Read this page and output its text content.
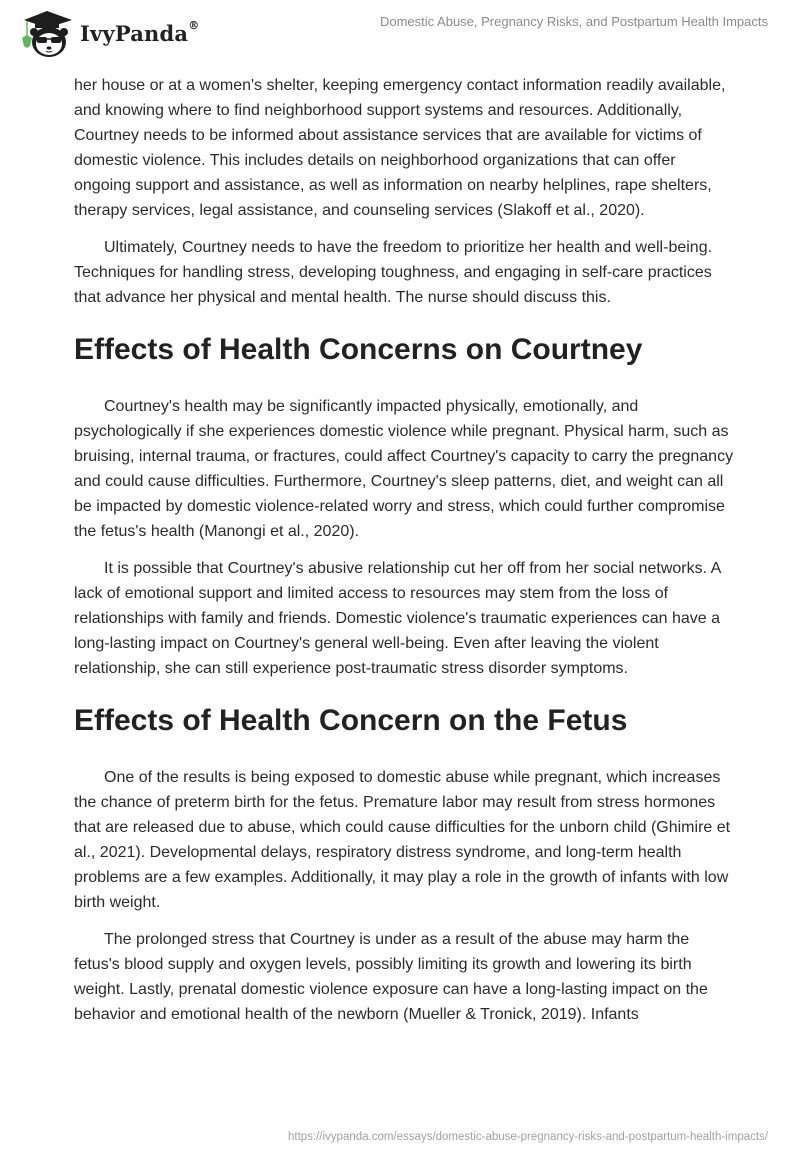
IvyPanda®	Domestic Abuse, Pregnancy Risks, and Postpartum Health Impacts

her house or at a women's shelter, keeping emergency contact information readily available, and knowing where to find neighborhood support systems and resources. Additionally, Courtney needs to be informed about assistance services that are available for victims of domestic violence. This includes details on neighborhood organizations that can offer ongoing support and assistance, as well as information on nearby helplines, rape shelters, therapy services, legal assistance, and counseling services (Slakoff et al., 2020).

Ultimately, Courtney needs to have the freedom to prioritize her health and well-being. Techniques for handling stress, developing toughness, and engaging in self-care practices that advance her physical and mental health. The nurse should discuss this.

Effects of Health Concerns on Courtney

Courtney's health may be significantly impacted physically, emotionally, and psychologically if she experiences domestic violence while pregnant. Physical harm, such as bruising, internal trauma, or fractures, could affect Courtney's capacity to carry the pregnancy and could cause difficulties. Furthermore, Courtney's sleep patterns, diet, and weight can all be impacted by domestic violence-related worry and stress, which could further compromise the fetus's health (Manongi et al., 2020).

It is possible that Courtney's abusive relationship cut her off from her social networks. A lack of emotional support and limited access to resources may stem from the loss of relationships with family and friends. Domestic violence's traumatic experiences can have a long-lasting impact on Courtney's general well-being. Even after leaving the violent relationship, she can still experience post-traumatic stress disorder symptoms.

Effects of Health Concern on the Fetus

One of the results is being exposed to domestic abuse while pregnant, which increases the chance of preterm birth for the fetus. Premature labor may result from stress hormones that are released due to abuse, which could cause difficulties for the unborn child (Ghimire et al., 2021). Developmental delays, respiratory distress syndrome, and long-term health problems are a few examples. Additionally, it may play a role in the growth of infants with low birth weight.

The prolonged stress that Courtney is under as a result of the abuse may harm the fetus's blood supply and oxygen levels, possibly limiting its growth and lowering its birth weight. Lastly, prenatal domestic violence exposure can have a long-lasting impact on the behavior and emotional health of the newborn (Mueller & Tronick, 2019). Infants

https://ivypanda.com/essays/domestic-abuse-pregnancy-risks-and-postpartum-health-impacts/
